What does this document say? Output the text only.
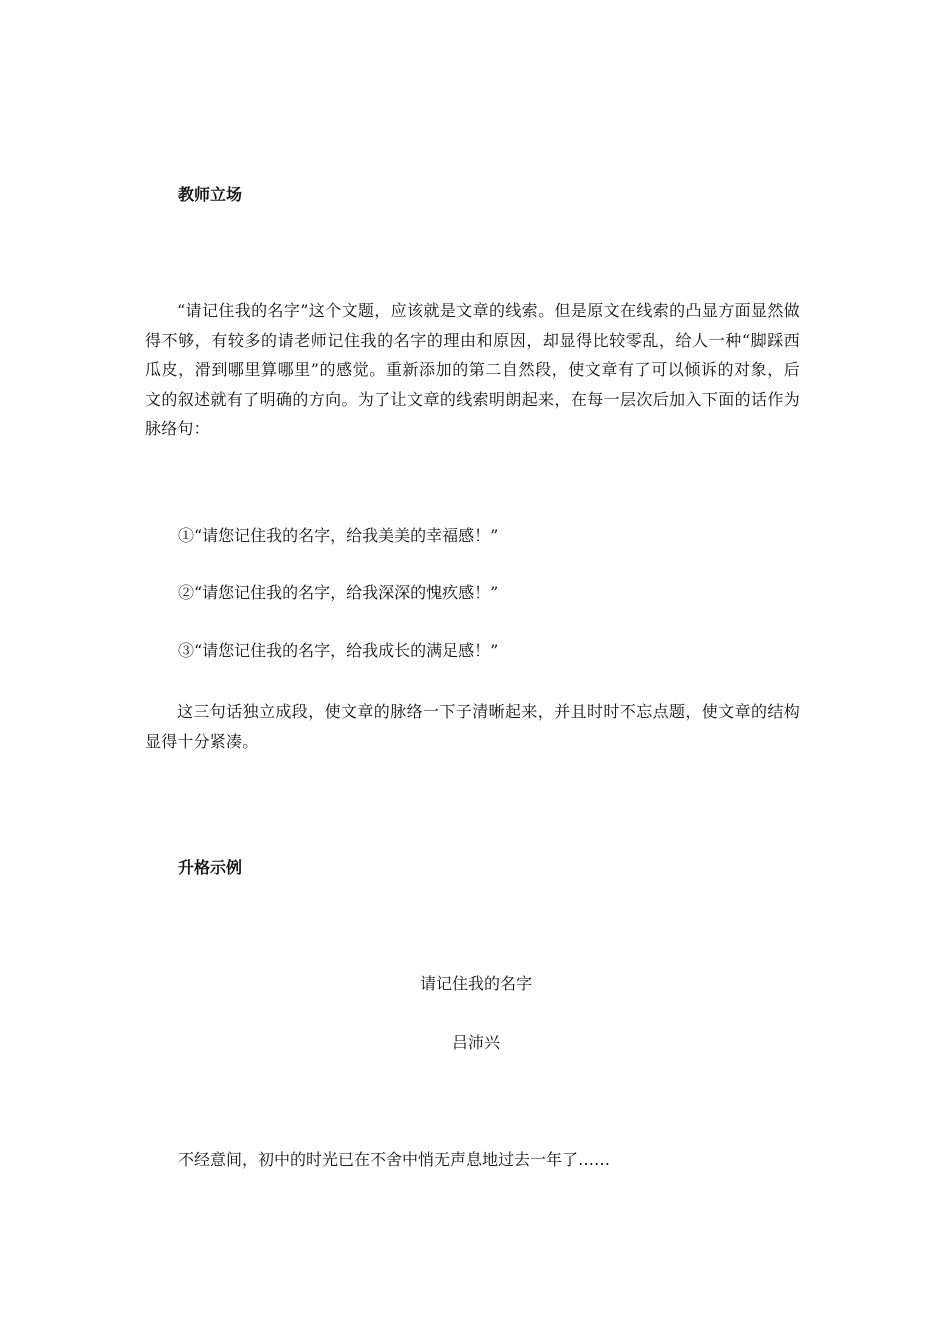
教师立场

“请记住我的名字”这个文题，应该就是文章的线索。但是原文在线索的凸显方面显然做得不够，有较多的请老师记住我的名字的理由和原因，却显得比较零乱，给人一种“脚踩西瓜皮，滑到哪里算哪里”的感觉。重新添加的第二自然段，使文章有了可以倾诉的对象，后文的叙述就有了明确的方向。为了让文章的线索明朗起来，在每一层次后加入下面的话作为脉络句：

①“请您记住我的名字，给我美美的幸福感！”

②“请您记住我的名字，给我深深的愧疚感！”

③“请您记住我的名字，给我成长的满足感！”

这三句话独立成段，使文章的脉络一下子清晰起来，并且时时不忘点题，使文章的结构显得十分紧凑。

升格示例

请记住我的名字

吕沛兴

不经意间，初中的时光已在不舍中悄无声息地过去一年了……
